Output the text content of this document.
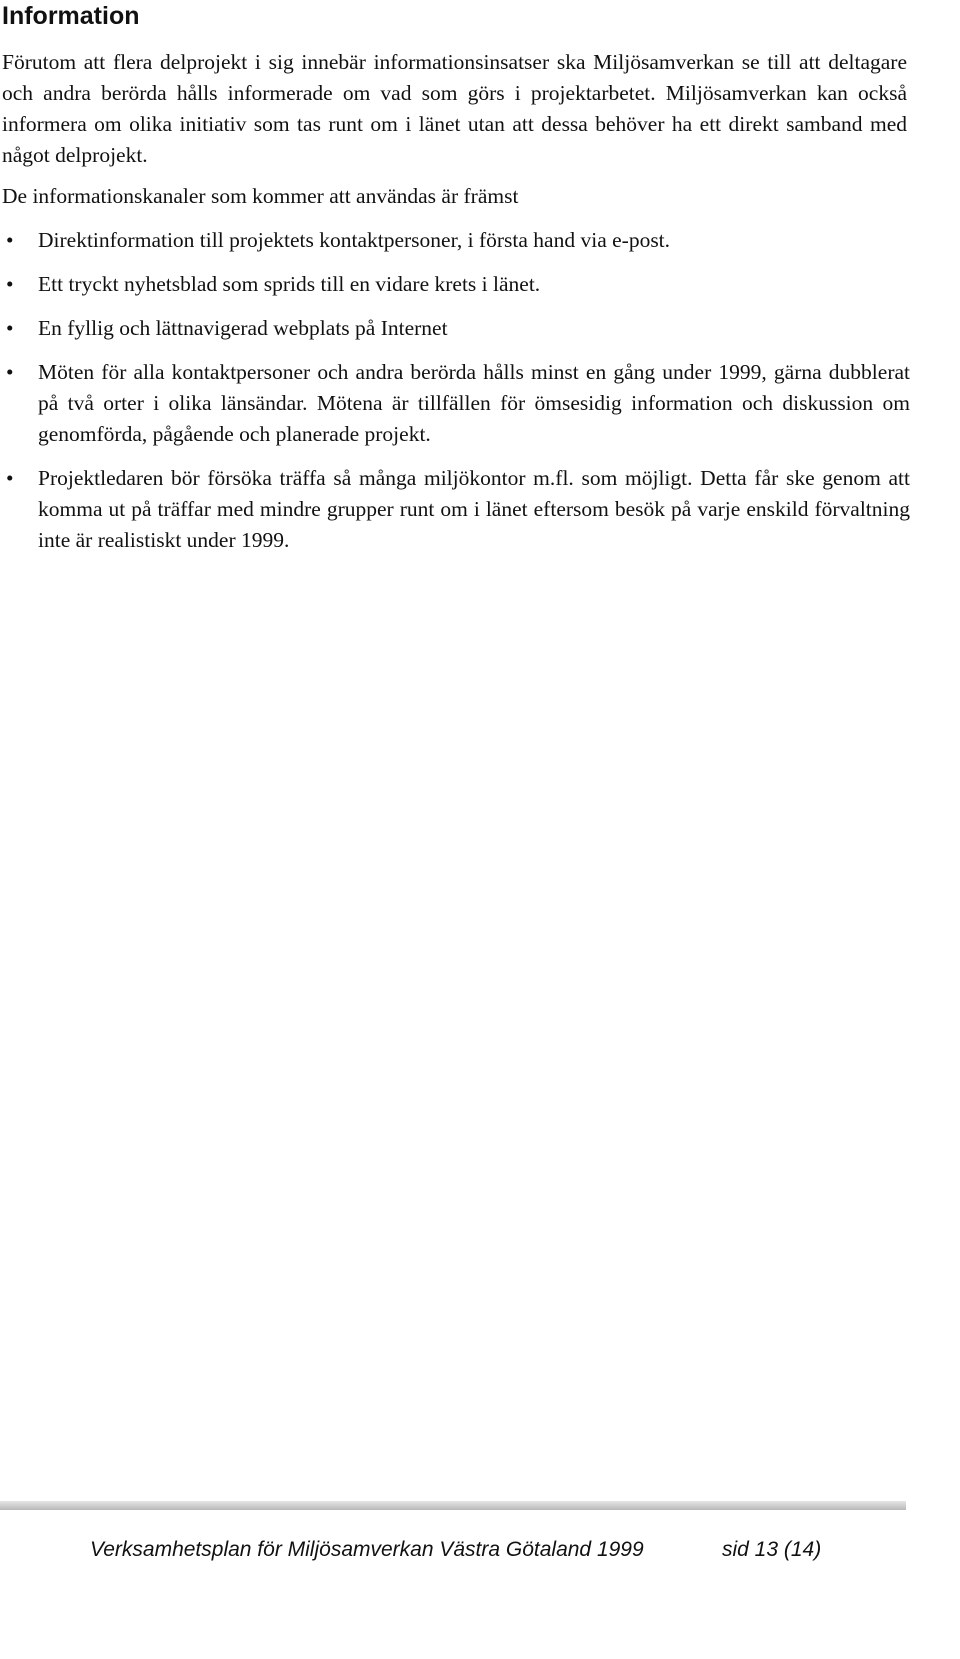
Information

Förutom att flera delprojekt i sig innebär informationsinsatser ska Miljösamverkan se till att deltagare och andra berörda hålls informerade om vad som görs i projektarbetet. Miljösamverkan kan också informera om olika initiativ som tas runt om i länet utan att dessa behöver ha ett direkt samband med något delprojekt.

De informationskanaler som kommer att användas är främst

• Direktinformation till projektets kontaktpersoner, i första hand via e-post.
• Ett tryckt nyhetsblad som sprids till en vidare krets i länet.
• En fyllig och lättnavigerad webplats på Internet
• Möten för alla kontaktpersoner och andra berörda hålls minst en gång under 1999, gärna dubblerat på två orter i olika länsändar. Mötena är tillfällen för ömsesidig information och diskussion om genomförda, pågående och planerade projekt.
• Projektledaren bör försöka träffa så många miljökontor m.fl. som möjligt. Detta får ske genom att komma ut på träffar med mindre grupper runt om i länet eftersom besök på varje enskild förvaltning inte är realistiskt under 1999.
Verksamhetsplan för Miljösamverkan Västra Götaland 1999	sid 13 (14)
